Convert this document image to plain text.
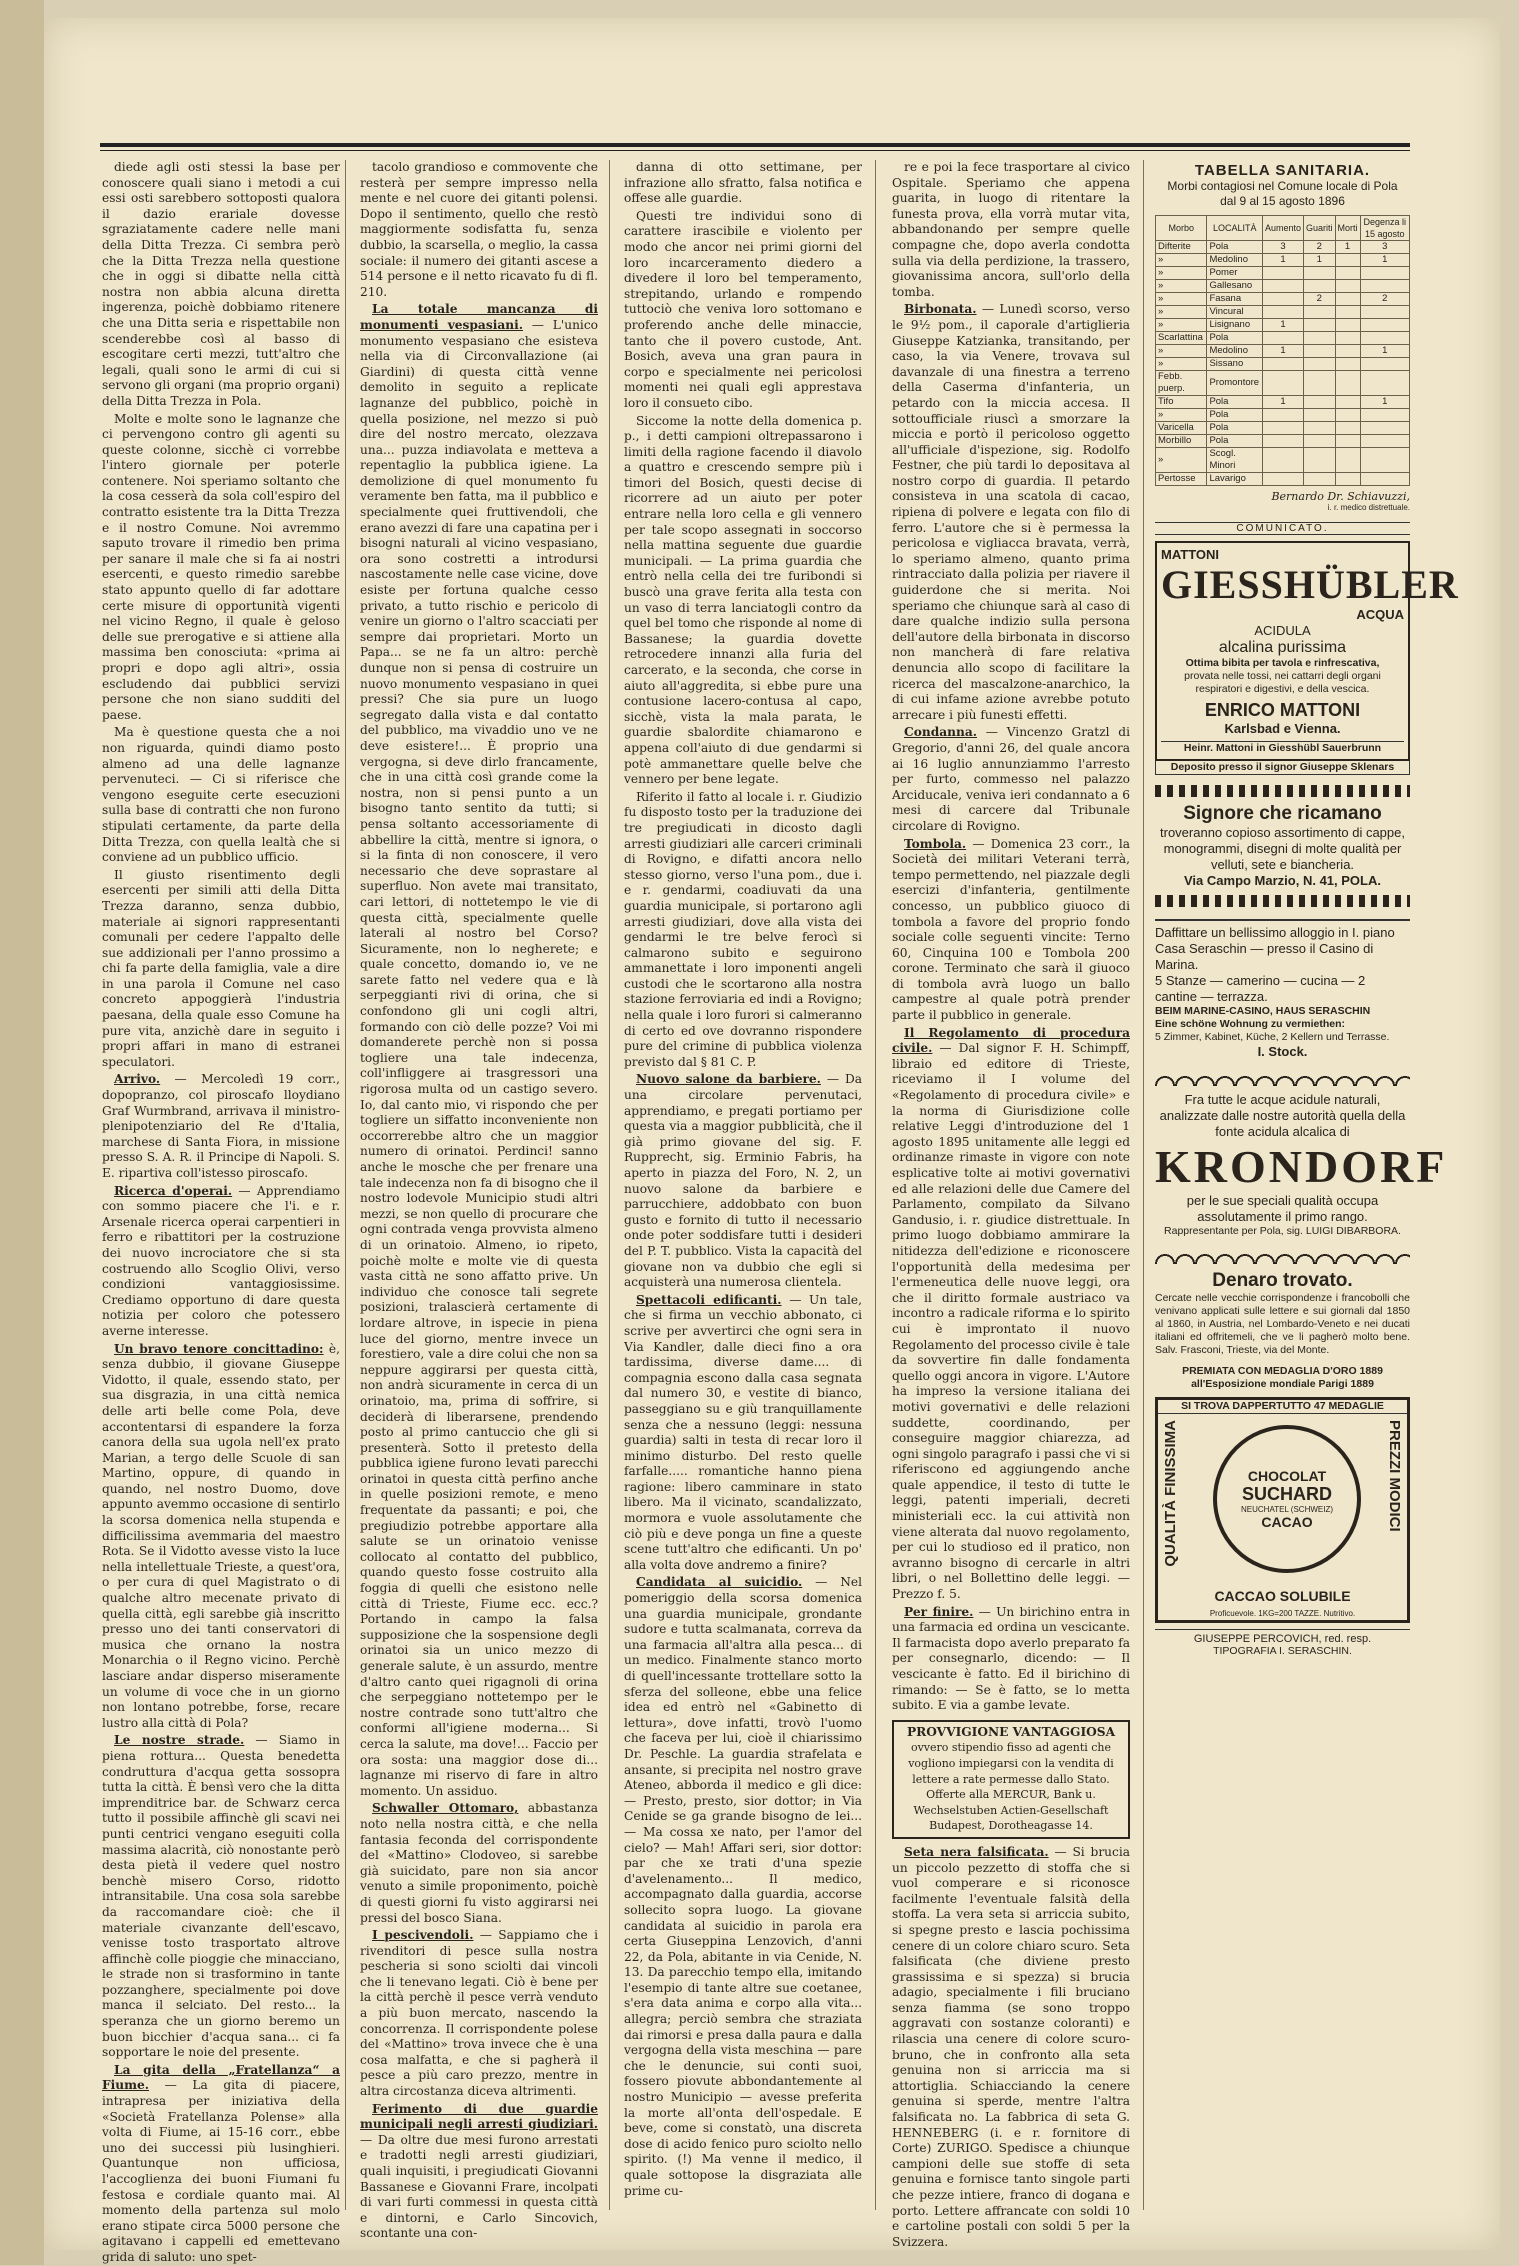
diede agli osti stessi la base per conoscere quali siano i metodi a cui essi osti sarebbero sottoposti qualora il dazio erariale dovesse sgraziatamente cadere nelle mani della Ditta Trezza. Ci sembra però che la Ditta Trezza nella questione che in oggi si dibatte nella città nostra non abbia alcuna diretta ingerenza, poichè dobbiamo ritenere che una Ditta seria e rispettabile non scenderebbe così al basso di escogitare certi mezzi, tutt'altro che legali, quali sono le armi di cui si servono gli organi (ma proprio organi) della Ditta Trezza in Pola.

Molte e molte sono le lagnanze che ci pervengono contro gli agenti su queste colonne, sicchè ci vorrebbe l'intero giornale per poterle contenere. Noi speriamo soltanto che la cosa cesserà da sola coll'espiro del contratto esistente tra la Ditta Trezza e il nostro Comune. Noi avremmo saputo trovare il rimedio ben prima per sanare il male che si fa ai nostri esercenti, e questo rimedio sarebbe stato appunto quello di far adottare certe misure di opportunità vigenti nel vicino Regno, il quale è geloso delle sue prerogative e si attiene alla massima ben conosciuta: «prima ai propri e dopo agli altri», ossia escludendo dai pubblici servizi persone che non siano sudditi del paese.

Ma è questione questa che a noi non riguarda, quindi diamo posto almeno ad una delle lagnanze pervenuteci. — Ci si riferisce che vengono eseguite certe esecuzioni sulla base di contratti che non furono stipulati certamente, da parte della Ditta Trezza, con quella lealtà che si conviene ad un pubblico ufficio.

Il giusto risentimento degli esercenti per simili atti della Ditta Trezza daranno, senza dubbio, materiale ai signori rappresentanti comunali per cedere l'appalto delle sue addizionali per l'anno prossimo a chi fa parte della famiglia, vale a dire in una parola il Comune nel caso concreto appoggierà l'industria paesana, della quale esso Comune ha pure vita, anzichè dare in seguito i propri affari in mano di estranei speculatori.

Arrivo. — Mercoledì 19 corr., dopopranzo, col piroscafo lloydiano Graf Wurmbrand, arrivava il ministro-plenipotenziario del Re d'Italia, marchese di Santa Fiora, in missione presso S. A. R. il Principe di Napoli. S. E. ripartiva coll'istesso piroscafo.

Ricerca d'operai. — Apprendiamo con sommo piacere che l'i. e r. Arsenale ricerca operai carpentieri in ferro e ribattitori per la costruzione dei nuovo incrociatore che si sta costruendo allo Scoglio Olivi, verso condizioni vantaggiosissime. Crediamo opportuno di dare questa notizia per coloro che potessero averne interesse.

Un bravo tenore concittadino: è, senza dubbio, il giovane Giuseppe Vidotto, il quale, essendo stato, per sua disgrazia, in una città nemica delle arti belle come Pola, deve accontentarsi di espandere la forza canora della sua ugola nell'ex prato Marian, a tergo delle Scuole di san Martino, oppure, di quando in quando, nel nostro Duomo, dove appunto avemmo occasione di sentirlo la scorsa domenica nella stupenda e difficilissima avemmaria del maestro Rota. Se il Vidotto avesse visto la luce nella intellettuale Trieste, a quest'ora, o per cura di quel Magistrato o di qualche altro mecenate privato di quella città, egli sarebbe già inscritto presso uno dei tanti conservatori di musica che ornano la nostra Monarchia o il Regno vicino. Perchè lasciare andar disperso miseramente un volume di voce che in un giorno non lontano potrebbe, forse, recare lustro alla città di Pola?

Le nostre strade. — Siamo in piena rottura... Questa benedetta condruttura d'acqua getta sossopra tutta la città. È bensì vero che la ditta imprenditrice bar. de Schwarz cerca tutto il possibile affinchè gli scavi nei punti centrici vengano eseguiti colla massima alacrità, ciò nonostante però desta pietà il vedere quel nostro benchè misero Corso, ridotto intransitabile. Una cosa sola sarebbe da raccomandare cioè: che il materiale civanzante dell'escavo, venisse tosto trasportato altrove affinchè colle pioggie che minacciano, le strade non si trasformino in tante pozzanghere, specialmente poi dove manca il selciato. Del resto... la speranza che un giorno beremo un buon bicchier d'acqua sana... ci fa sopportare le noie del presente.

La gita della „Fratellanza“ a Fiume. — La gita di piacere, intrapresa per iniziativa della «Società Fratellanza Polense» alla volta di Fiume, ai 15-16 corr., ebbe uno dei successi più lusinghieri. Quantunque non ufficiosa, l'accoglienza dei buoni Fiumani fu festosa e cordiale quanto mai. Al momento della partenza sul molo erano stipate circa 5000 persone che agitavano i cappelli ed emettevano grida di saluto: uno spet-

tacolo grandioso e commovente che resterà per sempre impresso nella mente e nel cuore dei gitanti polensi. Dopo il sentimento, quello che restò maggiormente sodisfatta fu, senza dubbio, la scarsella, o meglio, la cassa sociale: il numero dei gitanti ascese a 514 persone e il netto ricavato fu di fl. 210.

La totale mancanza di monumenti vespasiani. — L'unico monumento vespasiano che esisteva nella via di Circonvallazione (ai Giardini) di questa città venne demolito in seguito a replicate lagnanze del pubblico, poichè in quella posizione, nel mezzo si può dire del nostro mercato, olezzava una... puzza indiavolata e metteva a repentaglio la pubblica igiene. La demolizione di quel monumento fu veramente ben fatta, ma il pubblico e specialmente quei fruttivendoli, che erano avezzi di fare una capatina per i bisogni naturali al vicino vespasiano, ora sono costretti a introdursi nascostamente nelle case vicine, dove esiste per fortuna qualche cesso privato, a tutto rischio e pericolo di venire un giorno o l'altro scacciati per sempre dai proprietari. Morto un Papa... se ne fa un altro: perchè dunque non si pensa di costruire un nuovo monumento vespasiano in quei pressi? Che sia pure un luogo segregato dalla vista e dal contatto del pubblico, ma vivaddio uno ve ne deve esistere!... È proprio una vergogna, si deve dirlo francamente, che in una città così grande come la nostra, non si pensi punto a un bisogno tanto sentito da tutti; si pensa soltanto accessoriamente di abbellire la città, mentre si ignora, o si la finta di non conoscere, il vero necessario che deve soprastare al superfluo. Non avete mai transitato, cari lettori, di nottetempo le vie di questa città, specialmente quelle laterali al nostro bel Corso? Sicuramente, non lo negherete; e quale concetto, domando io, ve ne sarete fatto nel vedere qua e là serpeggianti rivi di orina, che si confondono gli uni cogli altri, formando con ciò delle pozze? Voi mi domanderete perchè non si possa togliere una tale indecenza, coll'infliggere ai trasgressori una rigorosa multa od un castigo severo. Io, dal canto mio, vi rispondo che per togliere un siffatto inconveniente non occorrerebbe altro che un maggior numero di orinatoi. Perdinci! sanno anche le mosche che per frenare una tale indecenza non fa di bisogno che il nostro lodevole Municipio studi altri mezzi, se non quello di procurare che ogni contrada venga provvista almeno di un orinatoio. Almeno, io ripeto, poichè molte e molte vie di questa vasta città ne sono affatto prive. Un individuo che conosce tali segrete posizioni, tralascierà certamente di lordare altrove, in ispecie in piena luce del giorno, mentre invece un forestiero, vale a dire colui che non sa neppure aggirarsi per questa città, non andrà sicuramente in cerca di un orinatoio, ma, prima di soffrire, si deciderà di liberarsene, prendendo posto al primo cantuccio che gli si presenterà. Sotto il pretesto della pubblica igiene furono levati parecchi orinatoi in questa città perfino anche in quelle posizioni remote, e meno frequentate da passanti; e poi, che pregiudizio potrebbe apportare alla salute se un orinatoio venisse collocato al contatto del pubblico, quando questo fosse costruito alla foggia di quelli che esistono nelle città di Trieste, Fiume ecc. ecc.? Portando in campo la falsa supposizione che la sospensione degli orinatoi sia un unico mezzo di generale salute, è un assurdo, mentre d'altro canto quei rigagnoli di orina che serpeggiano nottetempo per le nostre contrade sono tutt'altro che conformi all'igiene moderna... Si cerca la salute, ma dove!... Faccio per ora sosta: una maggior dose di... lagnanze mi riservo di fare in altro momento. Un assiduo.

Schwaller Ottomaro, abbastanza noto nella nostra città, e che nella fantasia feconda del corrispondente del «Mattino» Clodoveo, si sarebbe già suicidato, pare non sia ancor venuto a simile proponimento, poichè di questi giorni fu visto aggirarsi nei pressi del bosco Siana.

I pescivendoli. — Sappiamo che i rivenditori di pesce sulla nostra pescheria si sono sciolti dai vincoli che li tenevano legati. Ciò è bene per la città perchè il pesce verrà venduto a più buon mercato, nascendo la concorrenza. Il corrispondente polese del «Mattino» trova invece che è una cosa malfatta, e che si pagherà il pesce a più caro prezzo, mentre in altra circostanza diceva altrimenti.

Ferimento di due guardie municipali negli arresti giudiziari. — Da oltre due mesi furono arrestati e tradotti negli arresti giudiziari, quali inquisiti, i pregiudicati Giovanni Bassanese e Giovanni Frare, incolpati di vari furti commessi in questa città e dintorni, e Carlo Sincovich, scontante una con-

danna di otto settimane, per infrazione allo sfratto, falsa notifica e offese alle guardie.

Questi tre individui sono di carattere irascibile e violento per modo che ancor nei primi giorni del loro incarceramento diedero a divedere il loro bel temperamento, strepitando, urlando e rompendo tuttociò che veniva loro sottomano e proferendo anche delle minaccie, tanto che il povero custode, Ant. Bosich, aveva una gran paura in corpo e specialmente nei pericolosi momenti nei quali egli apprestava loro il consueto cibo.

Siccome la notte della domenica p. p., i detti campioni oltrepassarono i limiti della ragione facendo il diavolo a quattro e crescendo sempre più i timori del Bosich, questi decise di ricorrere ad un aiuto per poter entrare nella loro cella e gli vennero per tale scopo assegnati in soccorso nella mattina seguente due guardie municipali. — La prima guardia che entrò nella cella dei tre furibondi si buscò una grave ferita alla testa con un vaso di terra lanciatogli contro da quel bel tomo che risponde al nome di Bassanese; la guardia dovette retrocedere innanzi alla furia del carcerato, e la seconda, che corse in aiuto all'aggredita, si ebbe pure una contusione lacero-contusa al capo, sicchè, vista la mala parata, le guardie sbalordite chiamarono e appena coll'aiuto di due gendarmi si potè ammanettare quelle belve che vennero per bene legate.

Riferito il fatto al locale i. r. Giudizio fu disposto tosto per la traduzione dei tre pregiudicati in dicosto dagli arresti giudiziari alle carceri criminali di Rovigno, e difatti ancora nello stesso giorno, verso l'una pom., due i. e r. gendarmi, coadiuvati da una guardia municipale, si portarono agli arresti giudiziari, dove alla vista dei gendarmi le tre belve ferocì si calmarono subito e seguirono ammanettate i loro imponenti angeli custodi che le scortarono alla nostra stazione ferroviaria ed indi a Rovigno; nella quale i loro furori si calmeranno di certo ed ove dovranno rispondere pure del crimine di pubblica violenza previsto dal § 81 C. P.

Nuovo salone da barbiere. — Da una circolare pervenutaci, apprendiamo, e pregati portiamo per questa via a maggior pubblicità, che il già primo giovane del sig. F. Rupprecht, sig. Erminio Fabris, ha aperto in piazza del Foro, N. 2, un nuovo salone da barbiere e parrucchiere, addobbato con buon gusto e fornito di tutto il necessario onde poter soddisfare tutti i desideri del P. T. pubblico. Vista la capacità del giovane non va dubbio che egli si acquisterà una numerosa clientela.

Spettacoli edificanti. — Un tale, che si firma un vecchio abbonato, ci scrive per avvertirci che ogni sera in Via Kandler, dalle dieci fino a ora tardissima, diverse dame.... di compagnia escono dalla casa segnata dal numero 30, e vestite di bianco, passeggiano su e giù tranquillamente senza che a nessuno (leggi: nessuna guardia) salti in testa di recar loro il minimo disturbo. Del resto quelle farfalle..... romantiche hanno piena ragione: libero camminare in stato libero. Ma il vicinato, scandalizzato, mormora e vuole assolutamente che ciò più e deve ponga un fine a queste scene tutt'altro che edificanti. Un po' alla volta dove andremo a finire?

Candidata al suicidio. — Nel pomeriggio della scorsa domenica una guardia municipale, grondante sudore e tutta scalmanata, correva da una farmacia all'altra alla pesca... di un medico. Finalmente stanco morto di quell'incessante trottellare sotto la sferza del solleone, ebbe una felice idea ed entrò nel «Gabinetto di lettura», dove infatti, trovò l'uomo che faceva per lui, cioè il chiarissimo Dr. Peschle. La guardia strafelata e ansante, si precipita nel nostro grave Ateneo, abborda il medico e gli dice: — Presto, presto, sior dottor; in Via Cenide se ga grande bisogno de lei... — Ma cossa xe nato, per l'amor del cielo? — Mah! Affari seri, sior dottor: par che xe trati d'una spezie d'avelenamento... Il medico, accompagnato dalla guardia, accorse sollecito sopra luogo. La giovane candidata al suicidio in parola era certa Giuseppina Lenzovich, d'anni 22, da Pola, abitante in via Cenide, N. 13. Da parecchio tempo ella, imitando l'esempio di tante altre sue coetanee, s'era data anima e corpo alla vita... allegra; perciò sembra che straziata dai rimorsi e presa dalla paura e dalla vergogna della vista meschina — pare che le denuncie, sui conti suoi, fossero piovute abbondantemente al nostro Municipio — avesse preferita la morte all'onta dell'ospedale. E beve, come si constatò, una discreta dose di acido fenico puro sciolto nello spirito. (!) Ma venne il medico, il quale sottopose la disgraziata alle prime cu-

re e poi la fece trasportare al civico Ospitale. Speriamo che appena guarita, in luogo di ritentare la funesta prova, ella vorrà mutar vita, abbandonando per sempre quelle compagne che, dopo averla condotta sulla via della perdizione, la trassero, giovanissima ancora, sull'orlo della tomba.

Birbonata. — Lunedì scorso, verso le 9½ pom., il caporale d'artiglieria Giuseppe Katzianka, transitando, per caso, la via Venere, trovava sul davanzale di una finestra a terreno della Caserma d'infanteria, un petardo con la miccia accesa. Il sottoufficiale riuscì a smorzare la miccia e portò il pericoloso oggetto all'ufficiale d'ispezione, sig. Rodolfo Festner, che più tardi lo depositava al nostro corpo di guardia. Il petardo consisteva in una scatola di cacao, ripiena di polvere e legata con filo di ferro. L'autore che si è permessa la pericolosa e vigliacca bravata, verrà, lo speriamo almeno, quanto prima rintracciato dalla polizia per riavere il guiderdone che si merita. Noi speriamo che chiunque sarà al caso di dare qualche indizio sulla persona dell'autore della birbonata in discorso non mancherà di fare relativa denuncia allo scopo di facilitare la ricerca del mascalzone-anarchico, la di cui infame azione avrebbe potuto arrecare i più funesti effetti.

Condanna. — Vincenzo Gratzl di Gregorio, d'anni 26, del quale ancora ai 16 luglio annunziammo l'arresto per furto, commesso nel palazzo Arciducale, veniva ieri condannato a 6 mesi di carcere dal Tribunale circolare di Rovigno.

Tombola. — Domenica 23 corr., la Società dei militari Veterani terrà, tempo permettendo, nel piazzale degli esercizi d'infanteria, gentilmente concesso, un pubblico giuoco di tombola a favore del proprio fondo sociale colle seguenti vincite: Terno 60, Cinquina 100 e Tombola 200 corone. Terminato che sarà il giuoco di tombola avrà luogo un ballo campestre al quale potrà prender parte il pubblico in generale.

Il Regolamento di procedura civile. — Dal signor F. H. Schimpff, libraio ed editore di Trieste, riceviamo il I volume del «Regolamento di procedura civile» e la norma di Giurisdizione colle relative Leggi d'introduzione del 1 agosto 1895 unitamente alle leggi ed ordinanze rimaste in vigore con note esplicative tolte ai motivi governativi ed alle relazioni delle due Camere del Parlamento, compilato da Silvano Gandusio, i. r. giudice distrettuale. In primo luogo dobbiamo ammirare la nitidezza dell'edizione e riconoscere l'opportunità della medesima per l'ermeneutica delle nuove leggi, ora che il diritto formale austriaco va incontro a radicale riforma e lo spirito cui è improntato il nuovo Regolamento del processo civile è tale da sovvertire fin dalle fondamenta quello oggi ancora in vigore. L'Autore ha impreso la versione italiana dei motivi governativi e delle relazioni suddette, coordinando, per conseguire maggior chiarezza, ad ogni singolo paragrafo i passi che vi si riferiscono ed aggiungendo anche quale appendice, il testo di tutte le leggi, patenti imperiali, decreti ministeriali ecc. la cui attività non viene alterata dal nuovo regolamento, per cui lo studioso ed il pratico, non avranno bisogno di cercarle in altri libri, o nel Bollettino delle leggi. — Prezzo f. 5.

Per finire. — Un birichino entra in una farmacia ed ordina un vescicante. Il farmacista dopo averlo preparato fa per consegnarlo, dicendo: — Il vescicante è fatto. Ed il birichino di rimando: — Se è fatto, se lo metta subito. E via a gambe levate.

PROVVIGIONE VANTAGGIOSA
ovvero stipendio fisso ad agenti che vogliono impiegarsi con la vendita di lettere a rate permesse dallo Stato. Offerte alla MERCUR, Bank u. Wechselstuben Actien-Gesellschaft Budapest, Dorotheagasse 14.

Seta nera falsificata. — Si brucia un piccolo pezzetto di stoffa che si vuol comperare e si riconosce facilmente l'eventuale falsità della stoffa. La vera seta si arriccia subito, si spegne presto e lascia pochissima cenere di un colore chiaro scuro. Seta falsificata (che diviene presto grassissima e si spezza) si brucia adagio, specialmente i fili bruciano senza fiamma (se sono troppo aggravati con sostanze coloranti) e rilascia una cenere di colore scuro-bruno, che in confronto alla seta genuina non si arriccia ma si attortiglia. Schiacciando la cenere genuina si sperde, mentre l'altra falsificata no. La fabbrica di seta G. HENNEBERG (i. e r. fornitore di Corte) ZURIGO. Spedisce a chiunque campioni delle sue stoffe di seta genuina e fornisce tanto singole parti che pezze intiere, franco di dogana e porto. Lettere affrancate con soldi 10 e cartoline postali con soldi 5 per la Svizzera.

TABELLA SANITARIA.
Morbi contagiosi nel Comune locale di Pola
dal 9 al 15 agosto 1896
Morbo	LOCALITÀ	Aumento	Guariti	Morti	Degenza li 15 agosto
Difterite	Pola	3	2	1	3
»	Medolino	1	1		1
»	Pomer				
»	Gallesano				
»	Fasana		2		2
»	Vincural				
»	Lisignano	1			
Scarlattina	Pola				
»	Medolino	1			1
»	Sissano				
Febb. puerp.	Promontore				
Tifo	Pola	1			1
»	Pola				
Varicella	Pola				
Morbillo	Pola				
»	Scogl. Minori				
Pertosse	Lavarigo				
Bernardo Dr. Schiavuzzi,
i. r. medico distrettuale.
COMUNICATO.
MATTONI
GIESSHÜBLER
ACQUA
ACIDULA
alcalina purissima
Ottima bibita per tavola e rinfrescativa,
provata nelle tossi, nei cattarri degli organi respiratori e digestivi, e della vescica.
ENRICO MATTONI
Karlsbad e Vienna.
Heinr. Mattoni in Giesshübl Sauerbrunn
Deposito presso il signor Giuseppe Sklenars
Signore che ricamano
troveranno copioso assortimento di cappe, monogrammi, disegni di molte qualità per velluti, sete e biancheria.
Via Campo Marzio, N. 41, POLA.
Daffittare un bellissimo alloggio in I. piano
Casa Seraschin — presso il Casino di Marina.
5 Stanze — camerino — cucina — 2 cantine — terrazza.
BEIM MARINE-CASINO, HAUS SERASCHIN
Eine schöne Wohnung zu vermiethen:
5 Zimmer, Kabinet, Küche, 2 Kellern und Terrasse.
I. Stock.
Fra tutte le acque acidule naturali, analizzate dalle nostre autorità quella della fonte acidula alcalica di
KRONDORF
per le sue speciali qualità occupa assolutamente il primo rango.
Rappresentante per Pola, sig. LUIGI DIBARBORA.
Denaro trovato.
Cercate nelle vecchie corrispondenze i francobolli che venivano applicati sulle lettere e sui giornali dal 1850 al 1860, in Austria, nel Lombardo-Veneto e nei ducati italiani ed offritemeli, che ve li pagherò molto bene. Salv. Frasconi, Trieste, via del Monte.
PREMIATA CON MEDAGLIA D'ORO 1889 all'Esposizione mondiale Parigi 1889
SI TROVA DAPPERTUTTO 47 MEDAGLIE
QUALITÀ FINISSIMA	PREZZI MODICI
CHOCOLAT
SUCHARD
NEUCHATEL (SCHWEIZ)
CACAO
CACCAO SOLUBILE
Proficuevole. 1KG=200 TAZZE. Nutritivo.
GIUSEPPE PERCOVICH, red. resp.
TIPOGRAFIA I. SERASCHIN.
